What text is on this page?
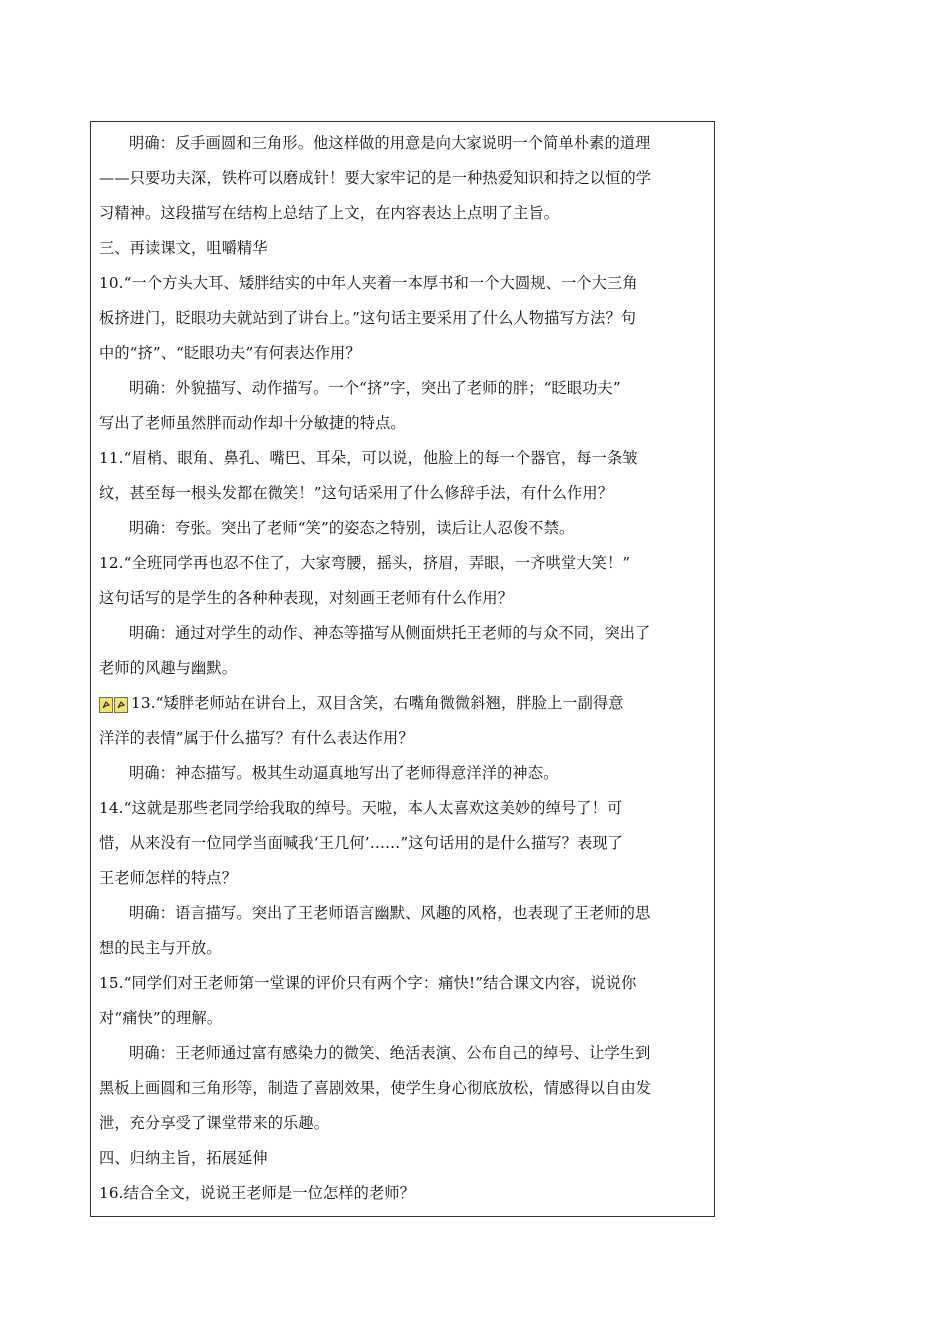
明确：反手画圆和三角形。他这样做的用意是向大家说明一个简单朴素的道理
——只要功夫深，铁杵可以磨成针！要大家牢记的是一种热爱知识和持之以恒的学
习精神。这段描写在结构上总结了上文，在内容表达上点明了主旨。
三、再读课文，咀嚼精华
10.“一个方头大耳、矮胖结实的中年人夹着一本厚书和一个大圆规、一个大三角
板挤进门，眨眼功夫就站到了讲台上。”这句话主要采用了什么人物描写方法？句
中的“挤”、“眨眼功夫”有何表达作用？
明确：外貌描写、动作描写。一个“挤”字，突出了老师的胖；“眨眼功夫”
写出了老师虽然胖而动作却十分敏捷的特点。
11.“眉梢、眼角、鼻孔、嘴巴、耳朵，可以说，他脸上的每一个器官，每一条皱
纹，甚至每一根头发都在微笑！”这句话采用了什么修辞手法，有什么作用？
明确：夸张。突出了老师“笑”的姿态之特别，读后让人忍俊不禁。
12.“全班同学再也忍不住了，大家弯腰，摇头，挤眉，弄眼，一齐哄堂大笑！”
这句话写的是学生的各种种表现，对刻画王老师有什么作用？
明确：通过对学生的动作、神态等描写从侧面烘托王老师的与众不同，突出了
老师的风趣与幽默。
13.“矮胖老师站在讲台上，双目含笑，右嘴角微微斜翘，胖脸上一副得意
洋洋的表情”属于什么描写？有什么表达作用？
明确：神态描写。极其生动逼真地写出了老师得意洋洋的神态。
14.“这就是那些老同学给我取的绰号。天啦，本人太喜欢这美妙的绰号了！可
惜，从来没有一位同学当面喊我‘王几何’……”这句话用的是什么描写？表现了
王老师怎样的特点？
明确：语言描写。突出了王老师语言幽默、风趣的风格，也表现了王老师的思
想的民主与开放。
15.“同学们对王老师第一堂课的评价只有两个字：痛快!”结合课文内容，说说你
对“痛快”的理解。
明确：王老师通过富有感染力的微笑、绝活表演、公布自己的绰号、让学生到
黑板上画圆和三角形等，制造了喜剧效果，使学生身心彻底放松，情感得以自由发
泄，充分享受了课堂带来的乐趣。
四、归纳主旨，拓展延伸
16.结合全文，说说王老师是一位怎样的老师？
